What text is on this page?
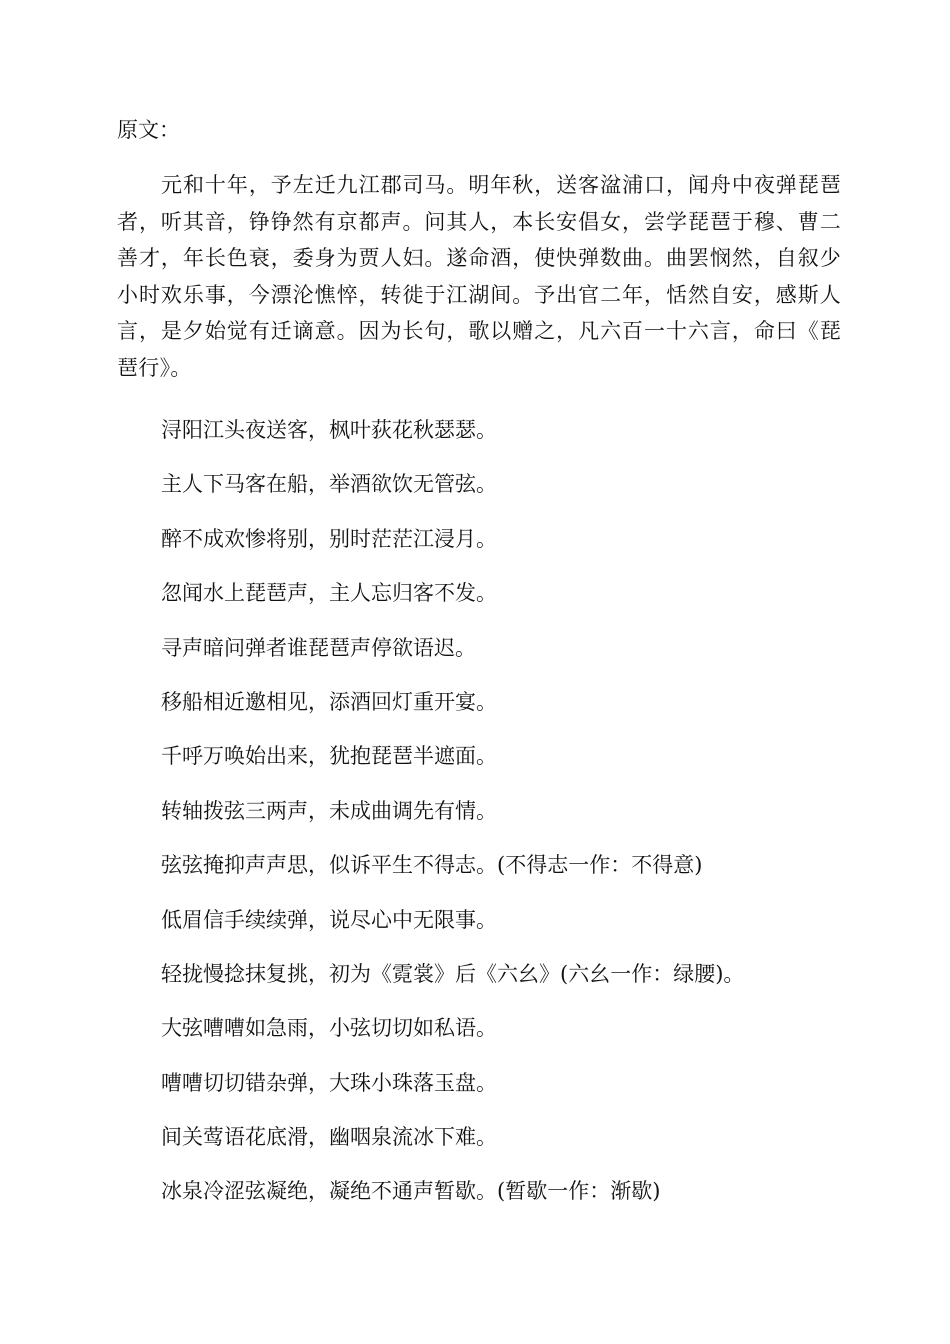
原文：

元和十年，予左迁九江郡司马。明年秋，送客湓浦口，闻舟中夜弹琵琶者，听其音，铮铮然有京都声。问其人，本长安倡女，尝学琵琶于穆、曹二善才，年长色衰，委身为贾人妇。遂命酒，使快弹数曲。曲罢悯然，自叙少小时欢乐事，今漂沦憔悴，转徙于江湖间。予出官二年，恬然自安，感斯人言，是夕始觉有迁谪意。因为长句，歌以赠之，凡六百一十六言，命曰《琵琶行》。

浔阳江头夜送客，枫叶荻花秋瑟瑟。
主人下马客在船，举酒欲饮无管弦。
醉不成欢惨将别，别时茫茫江浸月。
忽闻水上琵琶声，主人忘归客不发。
寻声暗问弹者谁琵琶声停欲语迟。
移船相近邀相见，添酒回灯重开宴。
千呼万唤始出来，犹抱琵琶半遮面。
转轴拨弦三两声，未成曲调先有情。
弦弦掩抑声声思，似诉平生不得志。(不得志一作：不得意)
低眉信手续续弹，说尽心中无限事。
轻拢慢捻抹复挑，初为《霓裳》后《六幺》(六幺一作：绿腰)。
大弦嘈嘈如急雨，小弦切切如私语。
嘈嘈切切错杂弹，大珠小珠落玉盘。
间关莺语花底滑，幽咽泉流冰下难。
冰泉冷涩弦凝绝，凝绝不通声暂歇。(暂歇一作：渐歇)
